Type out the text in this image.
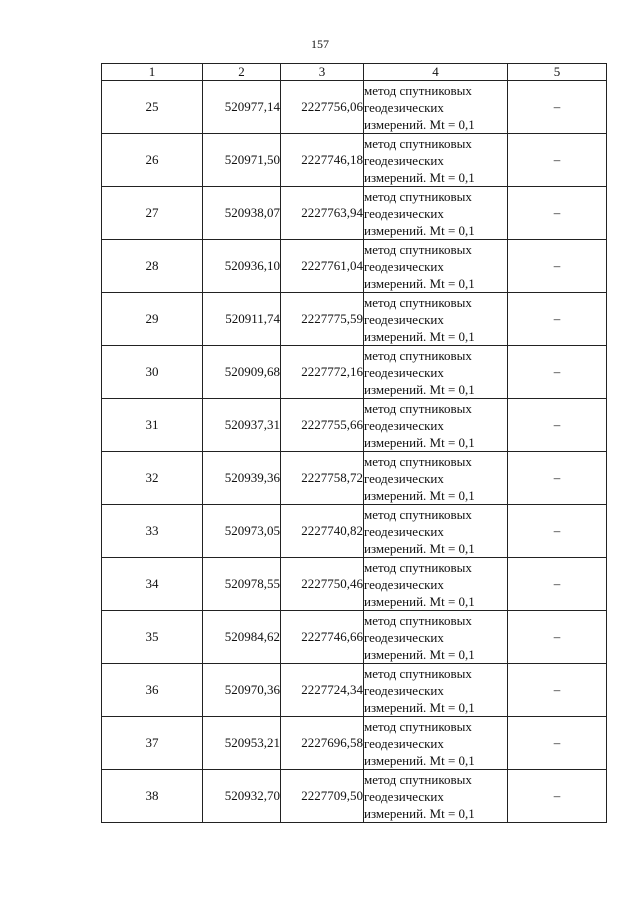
157
1	2	3	4	5
25	520977,14	2227756,06	метод спутниковых
геодезических
измерений. Mt = 0,1	–
26	520971,50	2227746,18	метод спутниковых
геодезических
измерений. Mt = 0,1	–
27	520938,07	2227763,94	метод спутниковых
геодезических
измерений. Mt = 0,1	–
28	520936,10	2227761,04	метод спутниковых
геодезических
измерений. Mt = 0,1	–
29	520911,74	2227775,59	метод спутниковых
геодезических
измерений. Mt = 0,1	–
30	520909,68	2227772,16	метод спутниковых
геодезических
измерений. Mt = 0,1	–
31	520937,31	2227755,66	метод спутниковых
геодезических
измерений. Mt = 0,1	–
32	520939,36	2227758,72	метод спутниковых
геодезических
измерений. Mt = 0,1	–
33	520973,05	2227740,82	метод спутниковых
геодезических
измерений. Mt = 0,1	–
34	520978,55	2227750,46	метод спутниковых
геодезических
измерений. Mt = 0,1	–
35	520984,62	2227746,66	метод спутниковых
геодезических
измерений. Mt = 0,1	–
36	520970,36	2227724,34	метод спутниковых
геодезических
измерений. Mt = 0,1	–
37	520953,21	2227696,58	метод спутниковых
геодезических
измерений. Mt = 0,1	–
38	520932,70	2227709,50	метод спутниковых
геодезических
измерений. Mt = 0,1	–
